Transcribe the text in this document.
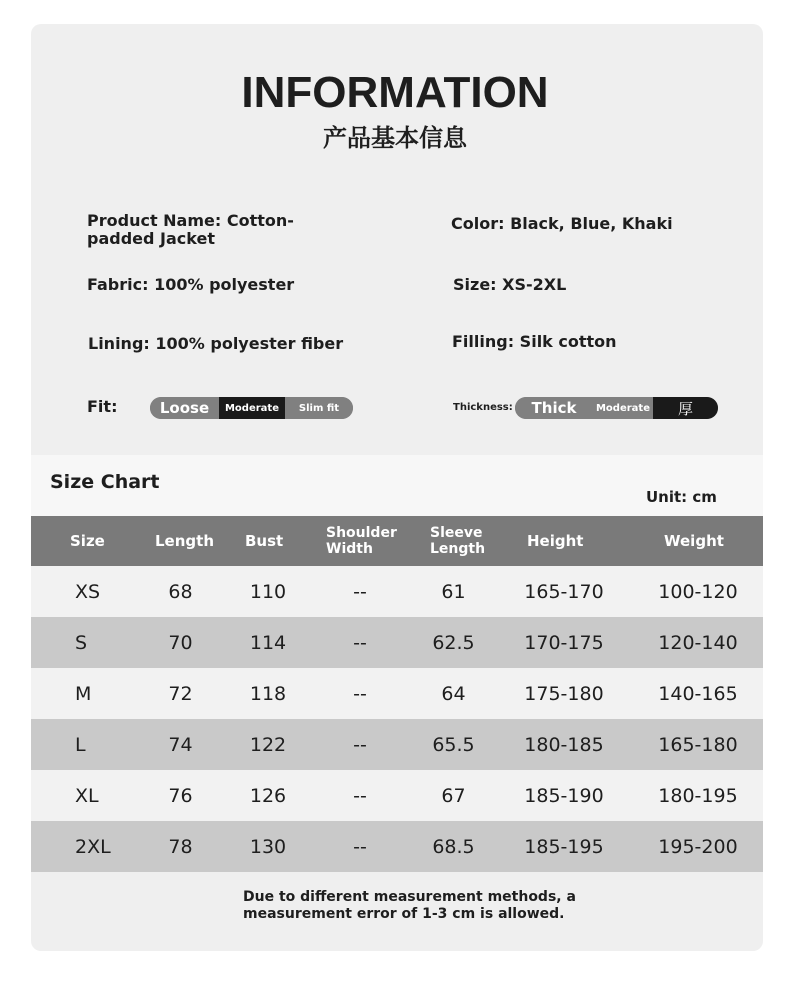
INFORMATION
产品基本信息
Product Name: Cotton-padded Jacket
Color: Black, Blue, Khaki
Fabric: 100% polyester	Size: XS-2XL
Lining: 100% polyester fiber	Filling: Silk cotton
Fit:	Loose	Moderate	Slim fit	Thickness:	Thick	Moderate	厚
Size Chart
Unit: cm
Size	Length	Bust	Shoulder Width	Sleeve Length	Height	Weight
XS	68	110	--	61	165-170	100-120
S	70	114	--	62.5	170-175	120-140
M	72	118	--	64	175-180	140-165
L	74	122	--	65.5	180-185	165-180
XL	76	126	--	67	185-190	180-195
2XL	78	130	--	68.5	185-195	195-200
Due to different measurement methods, a measurement error of 1-3 cm is allowed.
